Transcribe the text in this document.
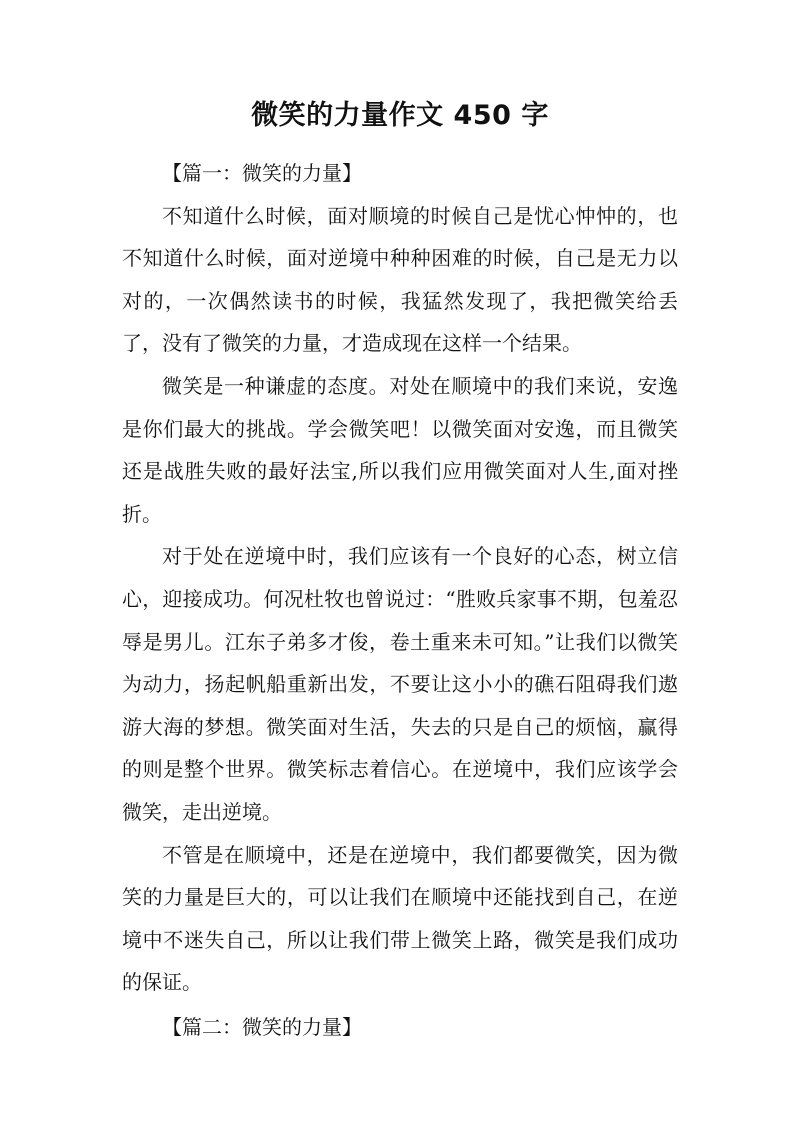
微笑的力量作文 450 字

【篇一：微笑的力量】

不知道什么时候，面对顺境的时候自己是忧心忡忡的，也不知道什么时候，面对逆境中种种困难的时候，自己是无力以对的，一次偶然读书的时候，我猛然发现了，我把微笑给丢了，没有了微笑的力量，才造成现在这样一个结果。

微笑是一种谦虚的态度。对处在顺境中的我们来说，安逸是你们最大的挑战。学会微笑吧！以微笑面对安逸，而且微笑还是战胜失败的最好法宝,所以我们应用微笑面对人生,面对挫折。

对于处在逆境中时，我们应该有一个良好的心态，树立信心，迎接成功。何况杜牧也曾说过：“胜败兵家事不期，包羞忍辱是男儿。江东子弟多才俊，卷土重来未可知。”让我们以微笑为动力，扬起帆船重新出发，不要让这小小的礁石阻碍我们遨游大海的梦想。微笑面对生活，失去的只是自己的烦恼，赢得的则是整个世界。微笑标志着信心。在逆境中，我们应该学会微笑，走出逆境。

不管是在顺境中，还是在逆境中，我们都要微笑，因为微笑的力量是巨大的，可以让我们在顺境中还能找到自己，在逆境中不迷失自己，所以让我们带上微笑上路，微笑是我们成功的保证。

【篇二：微笑的力量】
